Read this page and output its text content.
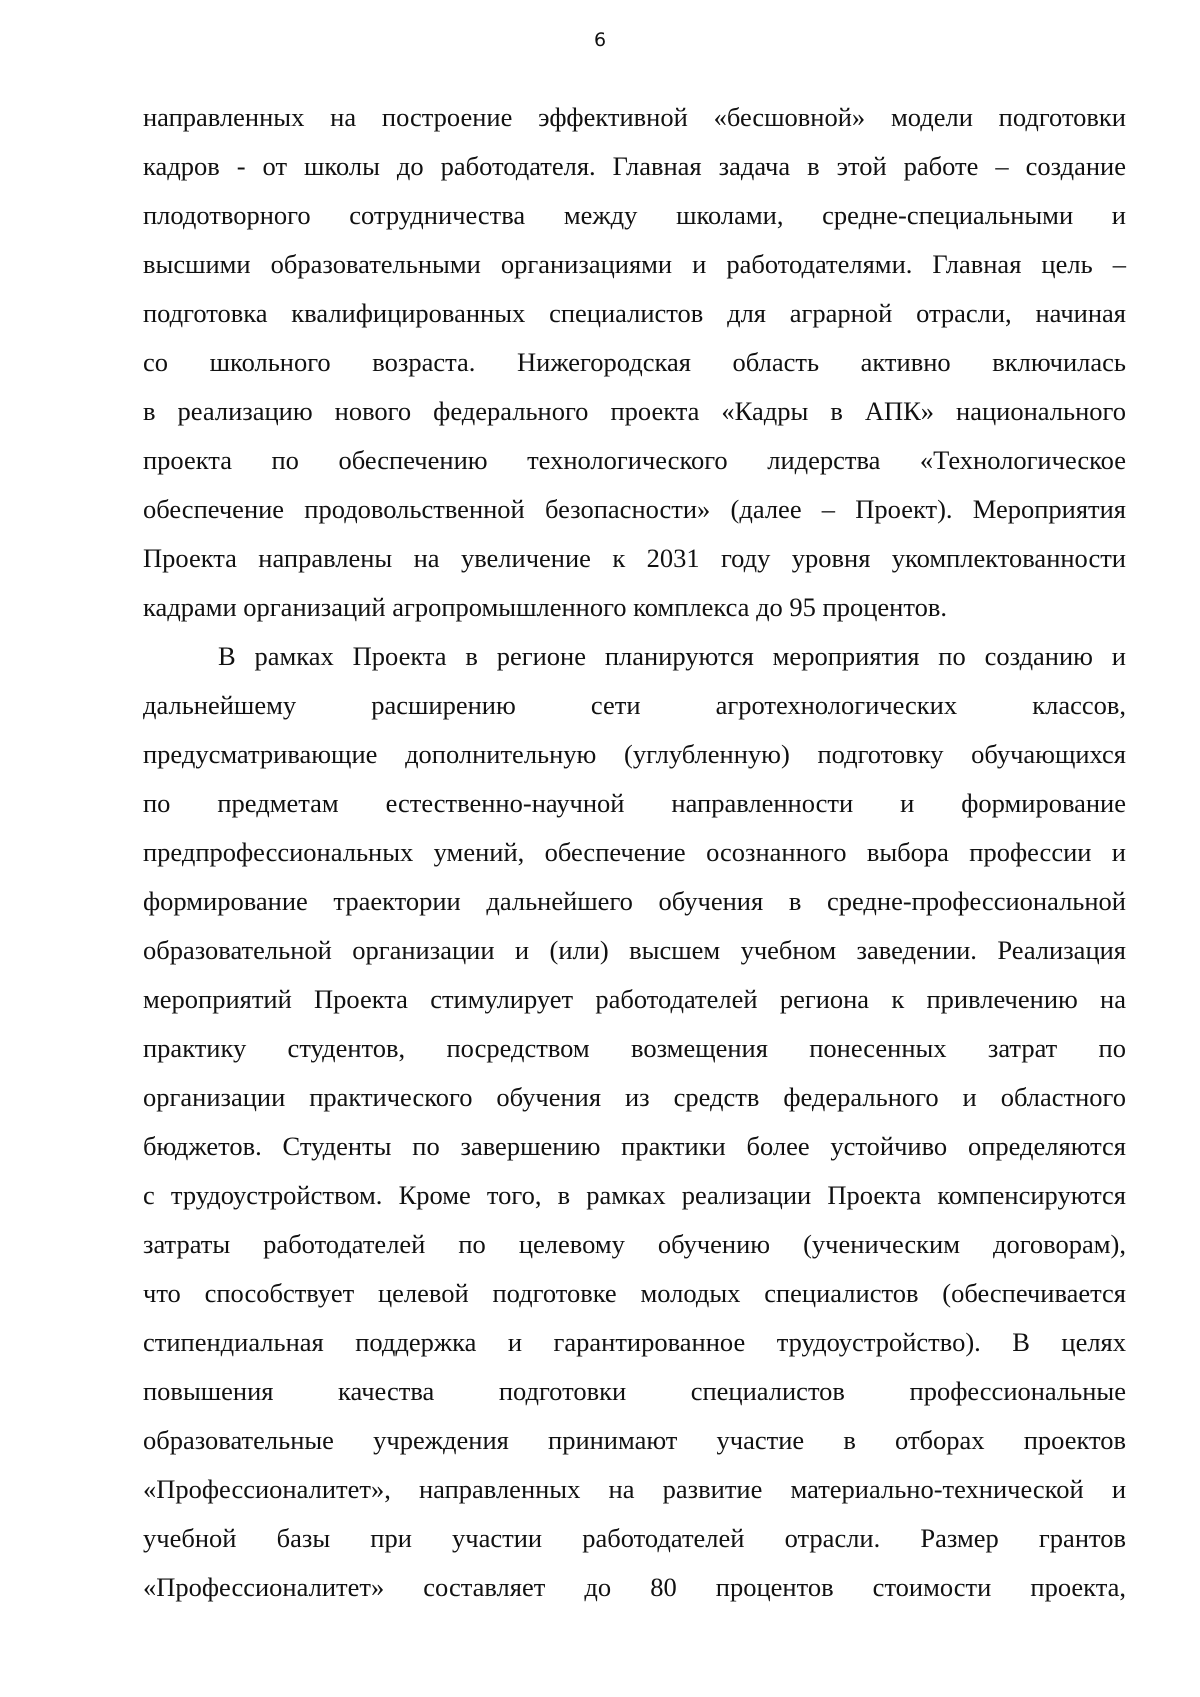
6
направленных на построение эффективной «бесшовной» модели подготовки
кадров - от школы до работодателя. Главная задача в этой работе – создание
плодотворного сотрудничества между школами, средне-специальными и
высшими образовательными организациями и работодателями. Главная цель –
подготовка квалифицированных специалистов для аграрной отрасли, начиная
со школьного возраста. Нижегородская область активно включилась
в реализацию нового федерального проекта «Кадры в АПК» национального
проекта по обеспечению технологического лидерства «Технологическое
обеспечение продовольственной безопасности» (далее – Проект). Мероприятия
Проекта направлены на увеличение к 2031 году уровня укомплектованности
кадрами организаций агропромышленного комплекса до 95 процентов.
В рамках Проекта в регионе планируются мероприятия по созданию и
дальнейшему расширению сети агротехнологических классов,
предусматривающие дополнительную (углубленную) подготовку обучающихся
по предметам естественно-научной направленности и формирование
предпрофессиональных умений, обеспечение осознанного выбора профессии и
формирование траектории дальнейшего обучения в средне-профессиональной
образовательной организации и (или) высшем учебном заведении. Реализация
мероприятий Проекта стимулирует работодателей региона к привлечению на
практику студентов, посредством возмещения понесенных затрат по
организации практического обучения из средств федерального и областного
бюджетов. Студенты по завершению практики более устойчиво определяются
с трудоустройством. Кроме того, в рамках реализации Проекта компенсируются
затраты работодателей по целевому обучению (ученическим договорам),
что способствует целевой подготовке молодых специалистов (обеспечивается
стипендиальная поддержка и гарантированное трудоустройство). В целях
повышения качества подготовки специалистов профессиональные
образовательные учреждения принимают участие в отборах проектов
«Профессионалитет», направленных на развитие материально-технической и
учебной базы при участии работодателей отрасли. Размер грантов
«Профессионалитет» составляет до 80 процентов стоимости проекта,
